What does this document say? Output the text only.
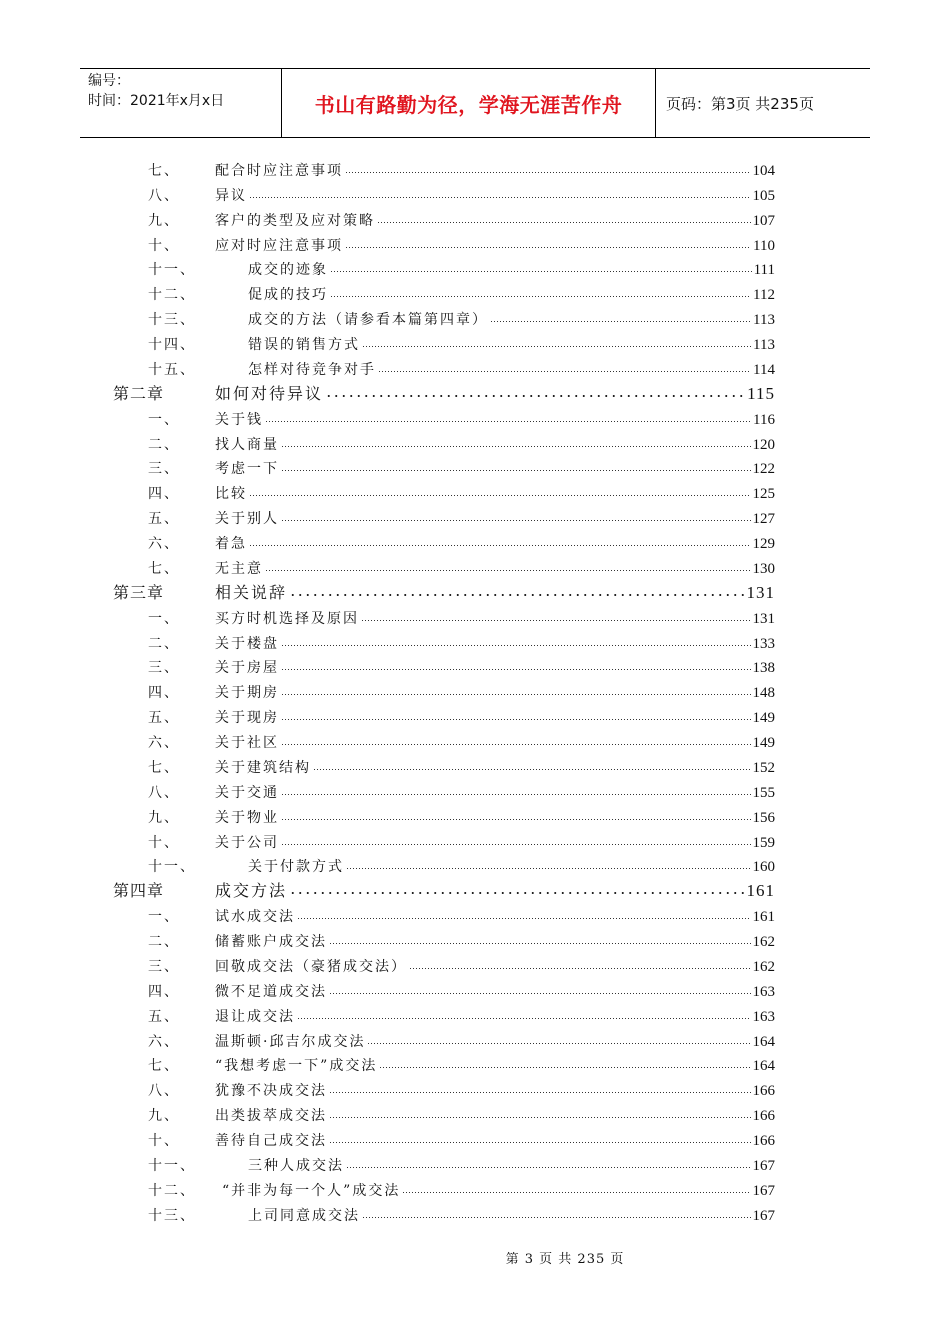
编号：
时间：2021年x月x日	书山有路勤为径，学海无涯苦作舟	页码：第3页 共235页
七、	配合时应注意事项	104
八、	异议	105
九、	客户的类型及应对策略	107
十、	应对时应注意事项	110
十一、	成交的迹象	111
十二、	促成的技巧	112
十三、	成交的方法（请参看本篇第四章）	113
十四、	错误的销售方式	113
十五、	怎样对待竞争对手	114
第二章	如何对待异议	115
一、	关于钱	116
二、	找人商量	120
三、	考虑一下	122
四、	比较	125
五、	关于别人	127
六、	着急	129
七、	无主意	130
第三章	相关说辞	131
一、	买方时机选择及原因	131
二、	关于楼盘	133
三、	关于房屋	138
四、	关于期房	148
五、	关于现房	149
六、	关于社区	149
七、	关于建筑结构	152
八、	关于交通	155
九、	关于物业	156
十、	关于公司	159
十一、	关于付款方式	160
第四章	成交方法	161
一、	试水成交法	161
二、	储蓄账户成交法	162
三、	回敬成交法（豪猪成交法）	162
四、	微不足道成交法	163
五、	退让成交法	163
六、	温斯顿·邱吉尔成交法	164
七、	“我想考虑一下”成交法	164
八、	犹豫不决成交法	166
九、	出类拔萃成交法	166
十、	善待自己成交法	166
十一、	三种人成交法	167
十二、 “并非为每一个人”成交法	167
十三、	上司同意成交法	167
第 3 页 共 235 页
